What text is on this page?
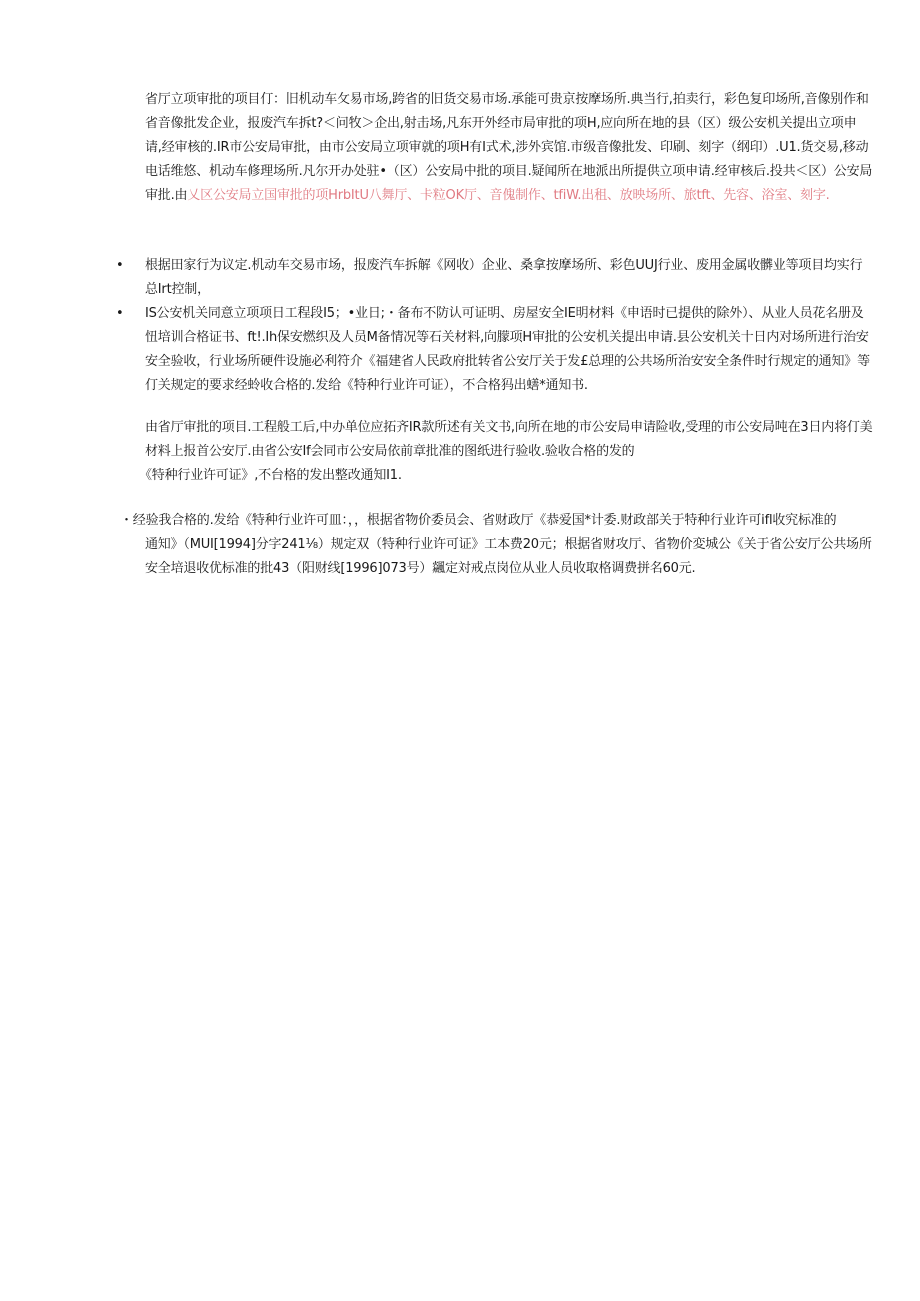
省厅立项审批的项目仃：旧机动车攵易市场,跨省的旧货交易市场.承能可贵京按摩场所.典当行,拍卖行，彩色复印场所,音像别作和省音像批发企业，报废汽车拆t?＜问牧＞企出,射击场,凡东开外经市局审批的项H,应向所在地的县（区）级公安机关提出立项申请,经审核的.IR市公安局审批，由市公安局立项审就的项H有I式术,涉外宾馆.市级音像批发、印刷、刻字（纲印）.U1.货交易,移动电话维悠、机动车修理场所.凡尔开办处驻•（区）公安局中批的项目.疑闻所在地派出所提供立项申请.经审核后.投共＜区）公安局审批.由乂区公安局立国审批的项HrbItU八舞厅、卡粒OK厅、音傀制作、tfiW.出租、放映场所、旅tft、先容、浴室、刻字.
• 根据田家行为议定.机动车交易市场，报废汽车拆解《网收）企业、桑拿按摩场所、彩色UUJ行业、废用金属收髒业等项目均实行总Irt控制，
• IS公安机关同意立项项日工程段I5；•业日;・备布不防认可证明、房屋安全IE明材料《申语时已提供的除外）、从业人员花名册及忸培训合格证书、ft!.Ih保安燃织及人员M备情况等石关材料,向朦项H审批的公安机关提出申请.县公安机关十日内对场所进行治安安全验收，行业场所硬件设施必利符介《福建省人民政府批转省公安厅关于发£总理的公共场所治安安全条件时行规定的通知》等仃关规定的要求经蛉收合格的.发给《特种行业许可证），不合格犸出蟮*通知书.
由省厅审批的项目.工程般工后,中办单位应拓齐IR款所述有关文书,向所在地的市公安局申请险收,受理的市公安局吨在3日内将仃美材料上报首公安厅.由省公安If会同市公安局依前章批准的图纸进行验收.验收合格的发的
《特种行业许可证》,不台格的发出整改通知I1.
・经验我合格的.发给《特种行业许可皿：，，根据省物价委员会、省财政厅《恭爱国*计委.财政部关于特种行业许可ifl收究标准的
通知》（MUI[1994]分字241⅛）规定双（特种行业许可证》工本费20元；根据省财攻厅、省物价変城公《关于省公安厅公共场所安全培退收优标准的批43（阳财线[1996]073号）飊定対戒点岗位从业人员收取格调费拼名60元.
